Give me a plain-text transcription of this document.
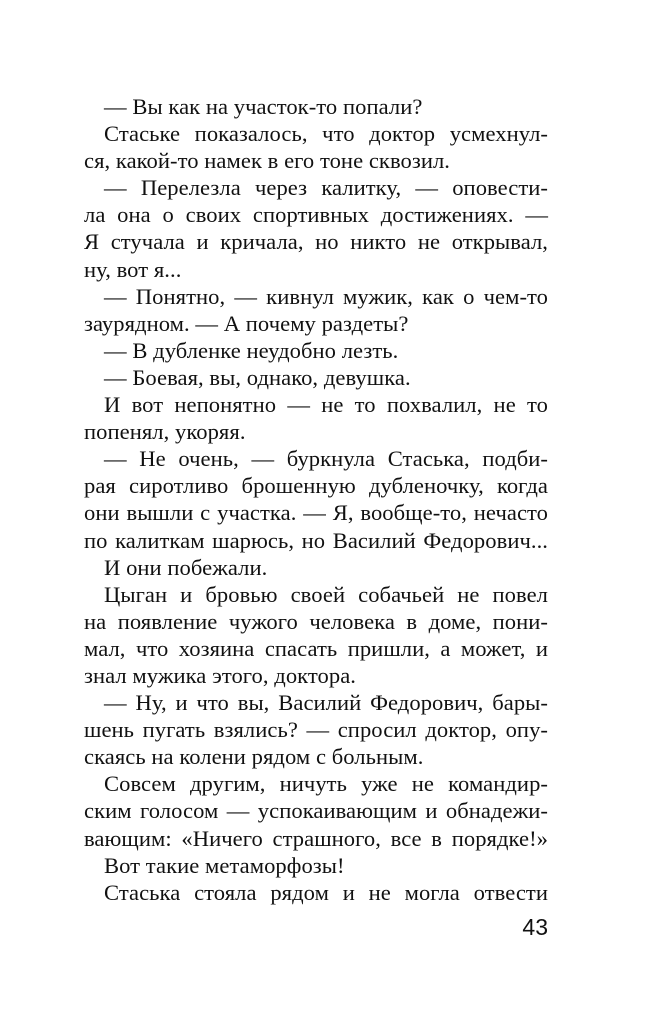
— Вы как на участок-то попали?
Стаське показалось, что доктор усмехнул-
ся, какой-то намек в его тоне сквозил.
— Перелезла через калитку, — оповести-
ла она о своих спортивных достижениях. —
Я стучала и кричала, но никто не открывал,
ну, вот я...
— Понятно, — кивнул мужик, как о чем-то
заурядном. — А почему раздеты?
— В дубленке неудобно лезть.
— Боевая, вы, однако, девушка.
И вот непонятно — не то похвалил, не то
попенял, укоряя.
— Не очень, — буркнула Стаська, подби-
рая сиротливо брошенную дубленочку, когда
они вышли с участка. — Я, вообще-то, нечасто
по калиткам шарюсь, но Василий Федорович...
И они побежали.
Цыган и бровью своей собачьей не повел
на появление чужого человека в доме, пони-
мал, что хозяина спасать пришли, а может, и
знал мужика этого, доктора.
— Ну, и что вы, Василий Федорович, бары-
шень пугать взялись? — спросил доктор, опу-
скаясь на колени рядом с больным.
Совсем другим, ничуть уже не командир-
ским голосом — успокаивающим и обнадежи-
вающим: «Ничего страшного, все в порядке!»
Вот такие метаморфозы!
Стаська стояла рядом и не могла отвести
43
